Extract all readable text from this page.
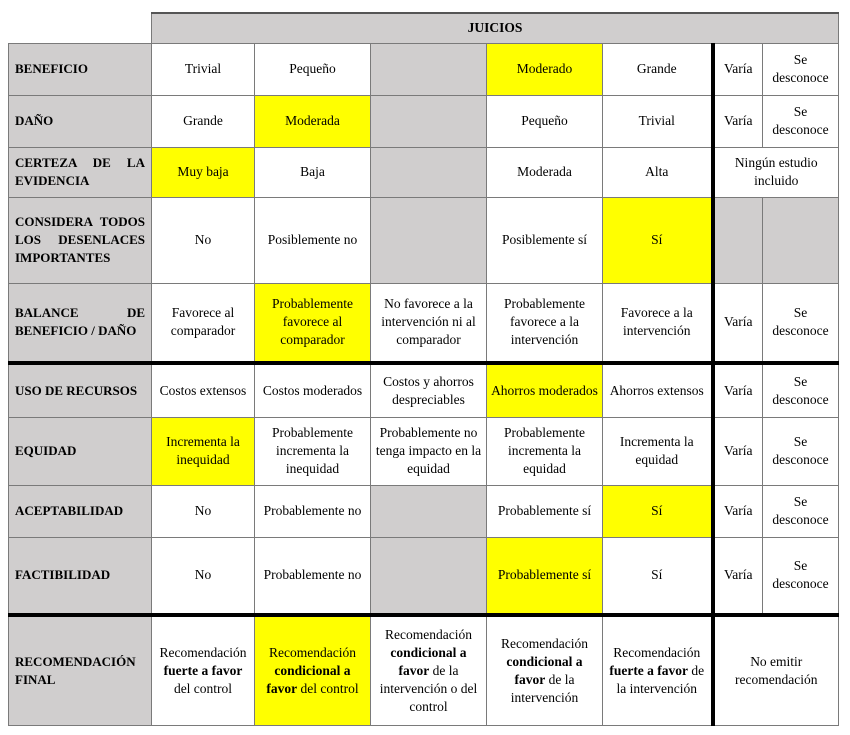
	JUICIOS						
BENEFICIO	Trivial	Pequeño		Moderado	Grande	Varía	Se desconoce
DAÑO	Grande	Moderada		Pequeño	Trivial	Varía	Se desconoce
CERTEZA DE LA EVIDENCIA	Muy baja	Baja		Moderada	Alta	Ningún estudio incluido	
CONSIDERA TODOS LOS DESENLACES IMPORTANTES	No	Posiblemente no		Posiblemente sí	Sí		
BALANCE DE BENEFICIO / DAÑO	Favorece al comparador	Probablemente favorece al comparador	No favorece a la intervención ni al comparador	Probablemente favorece a la intervención	Favorece a la intervención	Varía	Se desconoce
USO DE RECURSOS	Costos extensos	Costos moderados	Costos y ahorros despreciables	Ahorros moderados	Ahorros extensos	Varía	Se desconoce
EQUIDAD	Incrementa la inequidad	Probablemente incrementa la inequidad	Probablemente no tenga impacto en la equidad	Probablemente incrementa la equidad	Incrementa la equidad	Varía	Se desconoce
ACEPTABILIDAD	No	Probablemente no		Probablemente sí	Sí	Varía	Se desconoce
FACTIBILIDAD	No	Probablemente no		Probablemente sí	Sí	Varía	Se desconoce
RECOMENDACIÓN FINAL	Recomendación fuerte a favor del control	Recomendación condicional a favor del control	Recomendación condicional a favor de la intervención o del control	Recomendación condicional a favor de la intervención	Recomendación fuerte a favor de la intervención	No emitir recomendación	
